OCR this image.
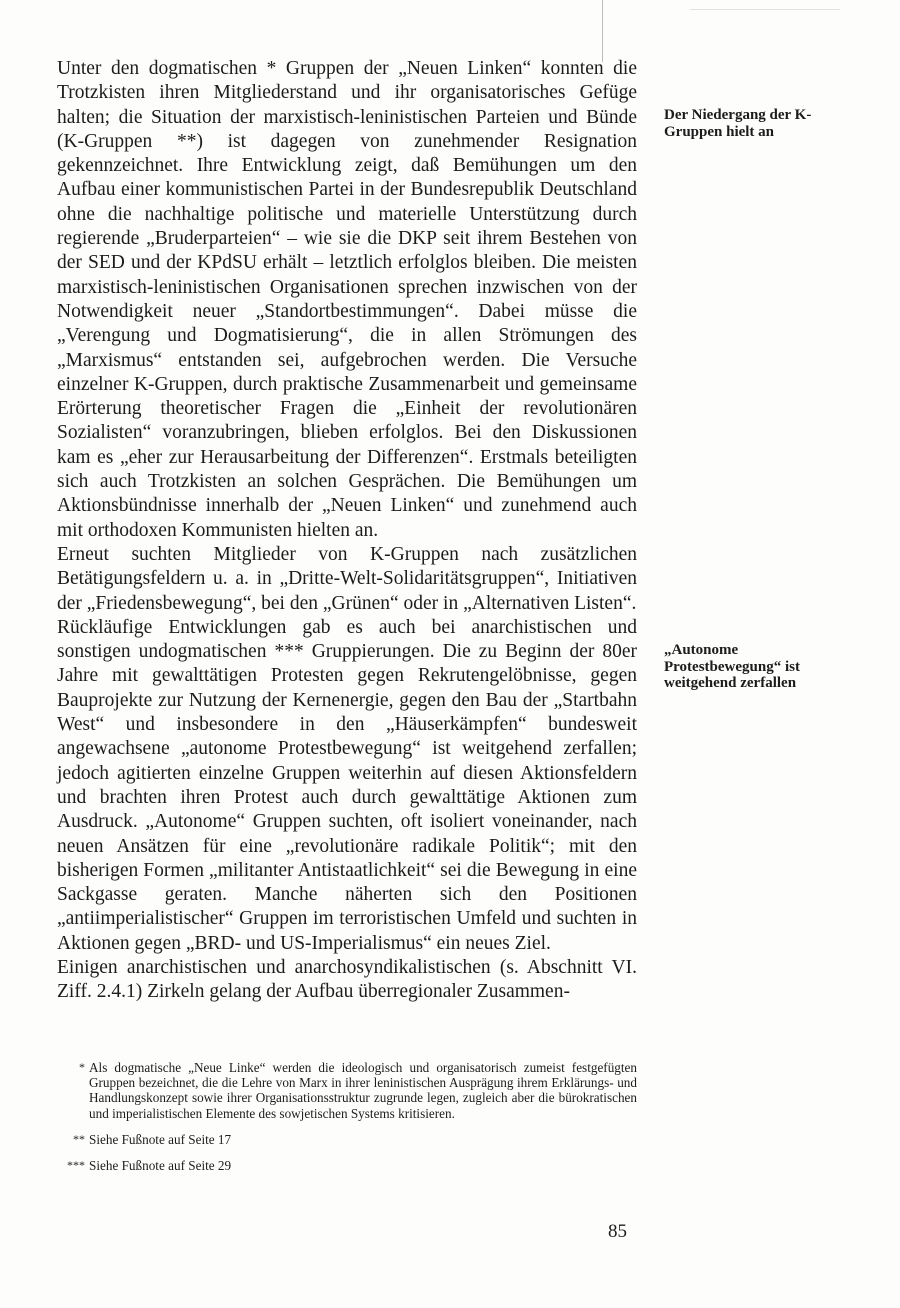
Unter den dogmatischen * Gruppen der „Neuen Linken“ konnten die Trotzkisten ihren Mitgliederstand und ihr organisatorisches Gefüge halten; die Situation der marxistisch-leninistischen Parteien und Bünde (K-Gruppen **) ist dagegen von zunehmender Resignation gekennzeichnet. Ihre Entwicklung zeigt, daß Bemühungen um den Aufbau einer kommunistischen Partei in der Bundesrepublik Deutschland ohne die nachhaltige politische und materielle Unterstützung durch regierende „Bruderparteien“ – wie sie die DKP seit ihrem Bestehen von der SED und der KPdSU erhält – letztlich erfolglos bleiben. Die meisten marxistisch-leninistischen Organisationen sprechen inzwischen von der Notwendigkeit neuer „Standortbestimmungen“. Dabei müsse die „Verengung und Dogmatisierung“, die in allen Strömungen des „Marxismus“ entstanden sei, aufgebrochen werden. Die Versuche einzelner K-Gruppen, durch praktische Zusammenarbeit und gemeinsame Erörterung theoretischer Fragen die „Einheit der revolutionären Sozialisten“ voranzubringen, blieben erfolglos. Bei den Diskussionen kam es „eher zur Herausarbeitung der Differenzen“. Erstmals beteiligten sich auch Trotzkisten an solchen Gesprächen. Die Bemühungen um Aktionsbündnisse innerhalb der „Neuen Linken“ und zunehmend auch mit orthodoxen Kommunisten hielten an.

Erneut suchten Mitglieder von K-Gruppen nach zusätzlichen Betätigungsfeldern u. a. in „Dritte-Welt-Solidaritätsgruppen“, Initiativen der „Friedensbewegung“, bei den „Grünen“ oder in „Alternativen Listen“.

Rückläufige Entwicklungen gab es auch bei anarchistischen und sonstigen undogmatischen *** Gruppierungen. Die zu Beginn der 80er Jahre mit gewalttätigen Protesten gegen Rekrutengelöbnisse, gegen Bauprojekte zur Nutzung der Kernenergie, gegen den Bau der „Startbahn West“ und insbesondere in den „Häuserkämpfen“ bundesweit angewachsene „autonome Protestbewegung“ ist weitgehend zerfallen; jedoch agitierten einzelne Gruppen weiterhin auf diesen Aktionsfeldern und brachten ihren Protest auch durch gewalttätige Aktionen zum Ausdruck. „Autonome“ Gruppen suchten, oft isoliert voneinander, nach neuen Ansätzen für eine „revolutionäre radikale Politik“; mit den bisherigen Formen „militanter Antistaatlichkeit“ sei die Bewegung in eine Sackgasse geraten. Manche näherten sich den Positionen „antiimperialistischer“ Gruppen im terroristischen Umfeld und suchten in Aktionen gegen „BRD- und US-Imperialismus“ ein neues Ziel.

Einigen anarchistischen und anarchosyndikalistischen (s. Abschnitt VI. Ziff. 2.4.1) Zirkeln gelang der Aufbau überregionaler Zusammen-

Der Niedergang der K-Gruppen hielt an
„Autonome Protestbewegung“ ist weitgehend zerfallen
* Als dogmatische „Neue Linke“ werden die ideologisch und organisatorisch zumeist festgefügten Gruppen bezeichnet, die die Lehre von Marx in ihrer leninistischen Ausprägung ihrem Erklärungs- und Handlungskonzept sowie ihrer Organisationsstruktur zugrunde legen, zugleich aber die bürokratischen und imperialistischen Elemente des sowjetischen Systems kritisieren.
** Siehe Fußnote auf Seite 17
*** Siehe Fußnote auf Seite 29
85
